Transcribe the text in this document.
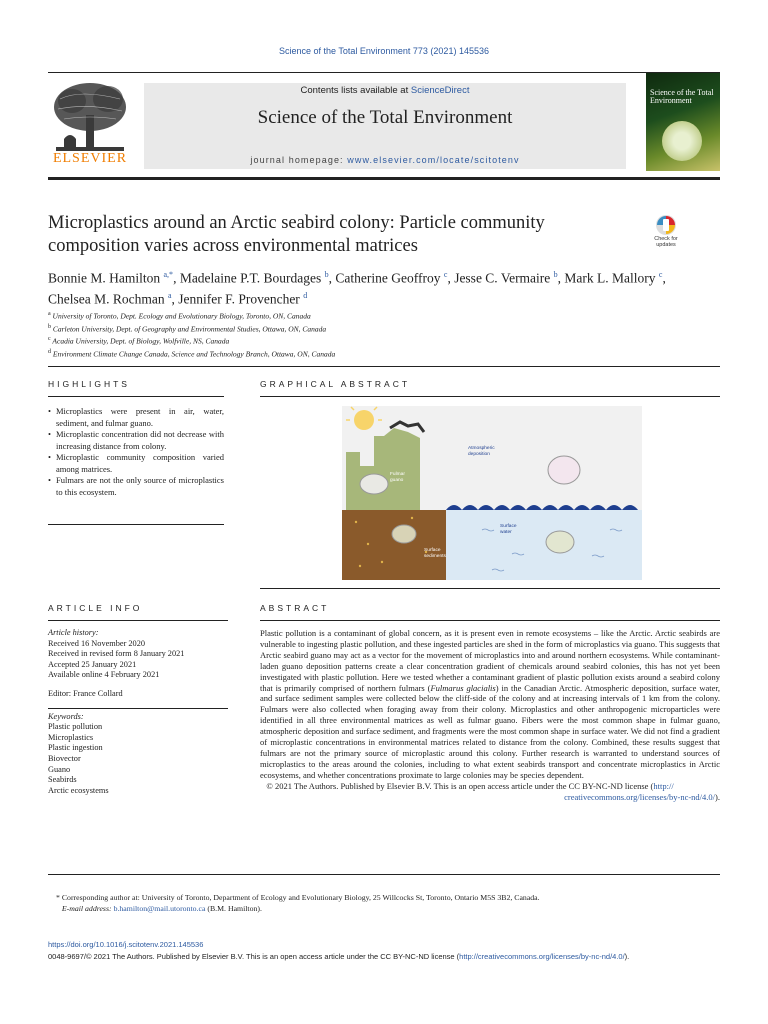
Science of the Total Environment 773 (2021) 145536
ELSEVIER
Contents lists available at ScienceDirect
Science of the Total Environment
journal homepage: www.elsevier.com/locate/scitotenv
Science of the Total Environment
Microplastics around an Arctic seabird colony: Particle community composition varies across environmental matrices	Check for updates
Bonnie M. Hamilton $^{a,*}$, Madelaine P.T. Bourdages $^b$, Catherine Geoffroy $^c$, Jesse C. Vermaire $^b$, Mark L. Mallory $^c$,
Chelsea M. Rochman $^a$, Jennifer F. Provencher $^d$
$^a$ University of Toronto, Dept. Ecology and Evolutionary Biology, Toronto, ON, Canada
$^b$ Carleton University, Dept. of Geography and Environmental Studies, Ottawa, ON, Canada
$^c$ Acadia University, Dept. of Biology, Wolfville, NS, Canada
$^d$ Environment Climate Change Canada, Science and Technology Branch, Ottawa, ON, Canada
HIGHLIGHTS
• Microplastics were present in air, water, sediment, and fulmar guano.
• Microplastic concentration did not decrease with increasing distance from colony.
• Microplastic community composition varied among matrices.
• Fulmars are not the only source of microplastics to this ecosystem.
GRAPHICAL ABSTRACT
Atmospheric deposition
Fulmar guano
Surface water
Surface sediments
ARTICLE INFO
Article history:
Received 16 November 2020
Received in revised form 8 January 2021
Accepted 25 January 2021
Available online 4 February 2021
Editor: France Collard
Keywords:
Plastic pollution
Microplastics
Plastic ingestion
Biovector
Guano
Seabirds
Arctic ecosystems
ABSTRACT
Plastic pollution is a contaminant of global concern, as it is present even in remote ecosystems – like the Arctic. Arctic seabirds are vulnerable to ingesting plastic pollution, and these ingested particles are shed in the form of microplastics via guano. This suggests that Arctic seabird guano may act as a vector for the movement of microplastics into and around northern ecosystems. While contaminant-laden guano deposition patterns create a clear concentration gradient of chemicals around seabird colonies, this has not yet been investigated with plastic pollution. Here we tested whether a contaminant gradient of plastic pollution exists around a seabird colony that is primarily comprised of northern fulmars (Fulmarus glacialis) in the Canadian Arctic. Atmospheric deposition, surface water, and surface sediment samples were collected below the cliff-side of the colony and at increasing intervals of 1 km from the colony. Fulmars were also collected when foraging away from their colony. Microplastics and other anthropogenic microparticles were identified in all three environmental matrices as well as fulmar guano. Fibers were the most common shape in fulmar guano, atmospheric deposition and surface sediment, and fragments were the most common shape in surface water. We did not find a gradient of microplastic concentrations in environmental matrices related to distance from the colony. Combined, these results suggest that fulmars are not the primary source of microplastic around this colony. Further research is warranted to understand sources of microplastics to the areas around the colonies, including to what extent seabirds transport and concentrate microplastics in Arctic ecosystems, and whether concentrations proximate to large colonies may be species dependent.
© 2021 The Authors. Published by Elsevier B.V. This is an open access article under the CC BY-NC-ND license (http://
creativecommons.org/licenses/by-nc-nd/4.0/).
* Corresponding author at: University of Toronto, Department of Ecology and Evolutionary Biology, 25 Willcocks St, Toronto, Ontario M5S 3B2, Canada.
E-mail address: b.hamilton@mail.utoronto.ca (B.M. Hamilton).
https://doi.org/10.1016/j.scitotenv.2021.145536
0048-9697/© 2021 The Authors. Published by Elsevier B.V. This is an open access article under the CC BY-NC-ND license (http://creativecommons.org/licenses/by-nc-nd/4.0/).
